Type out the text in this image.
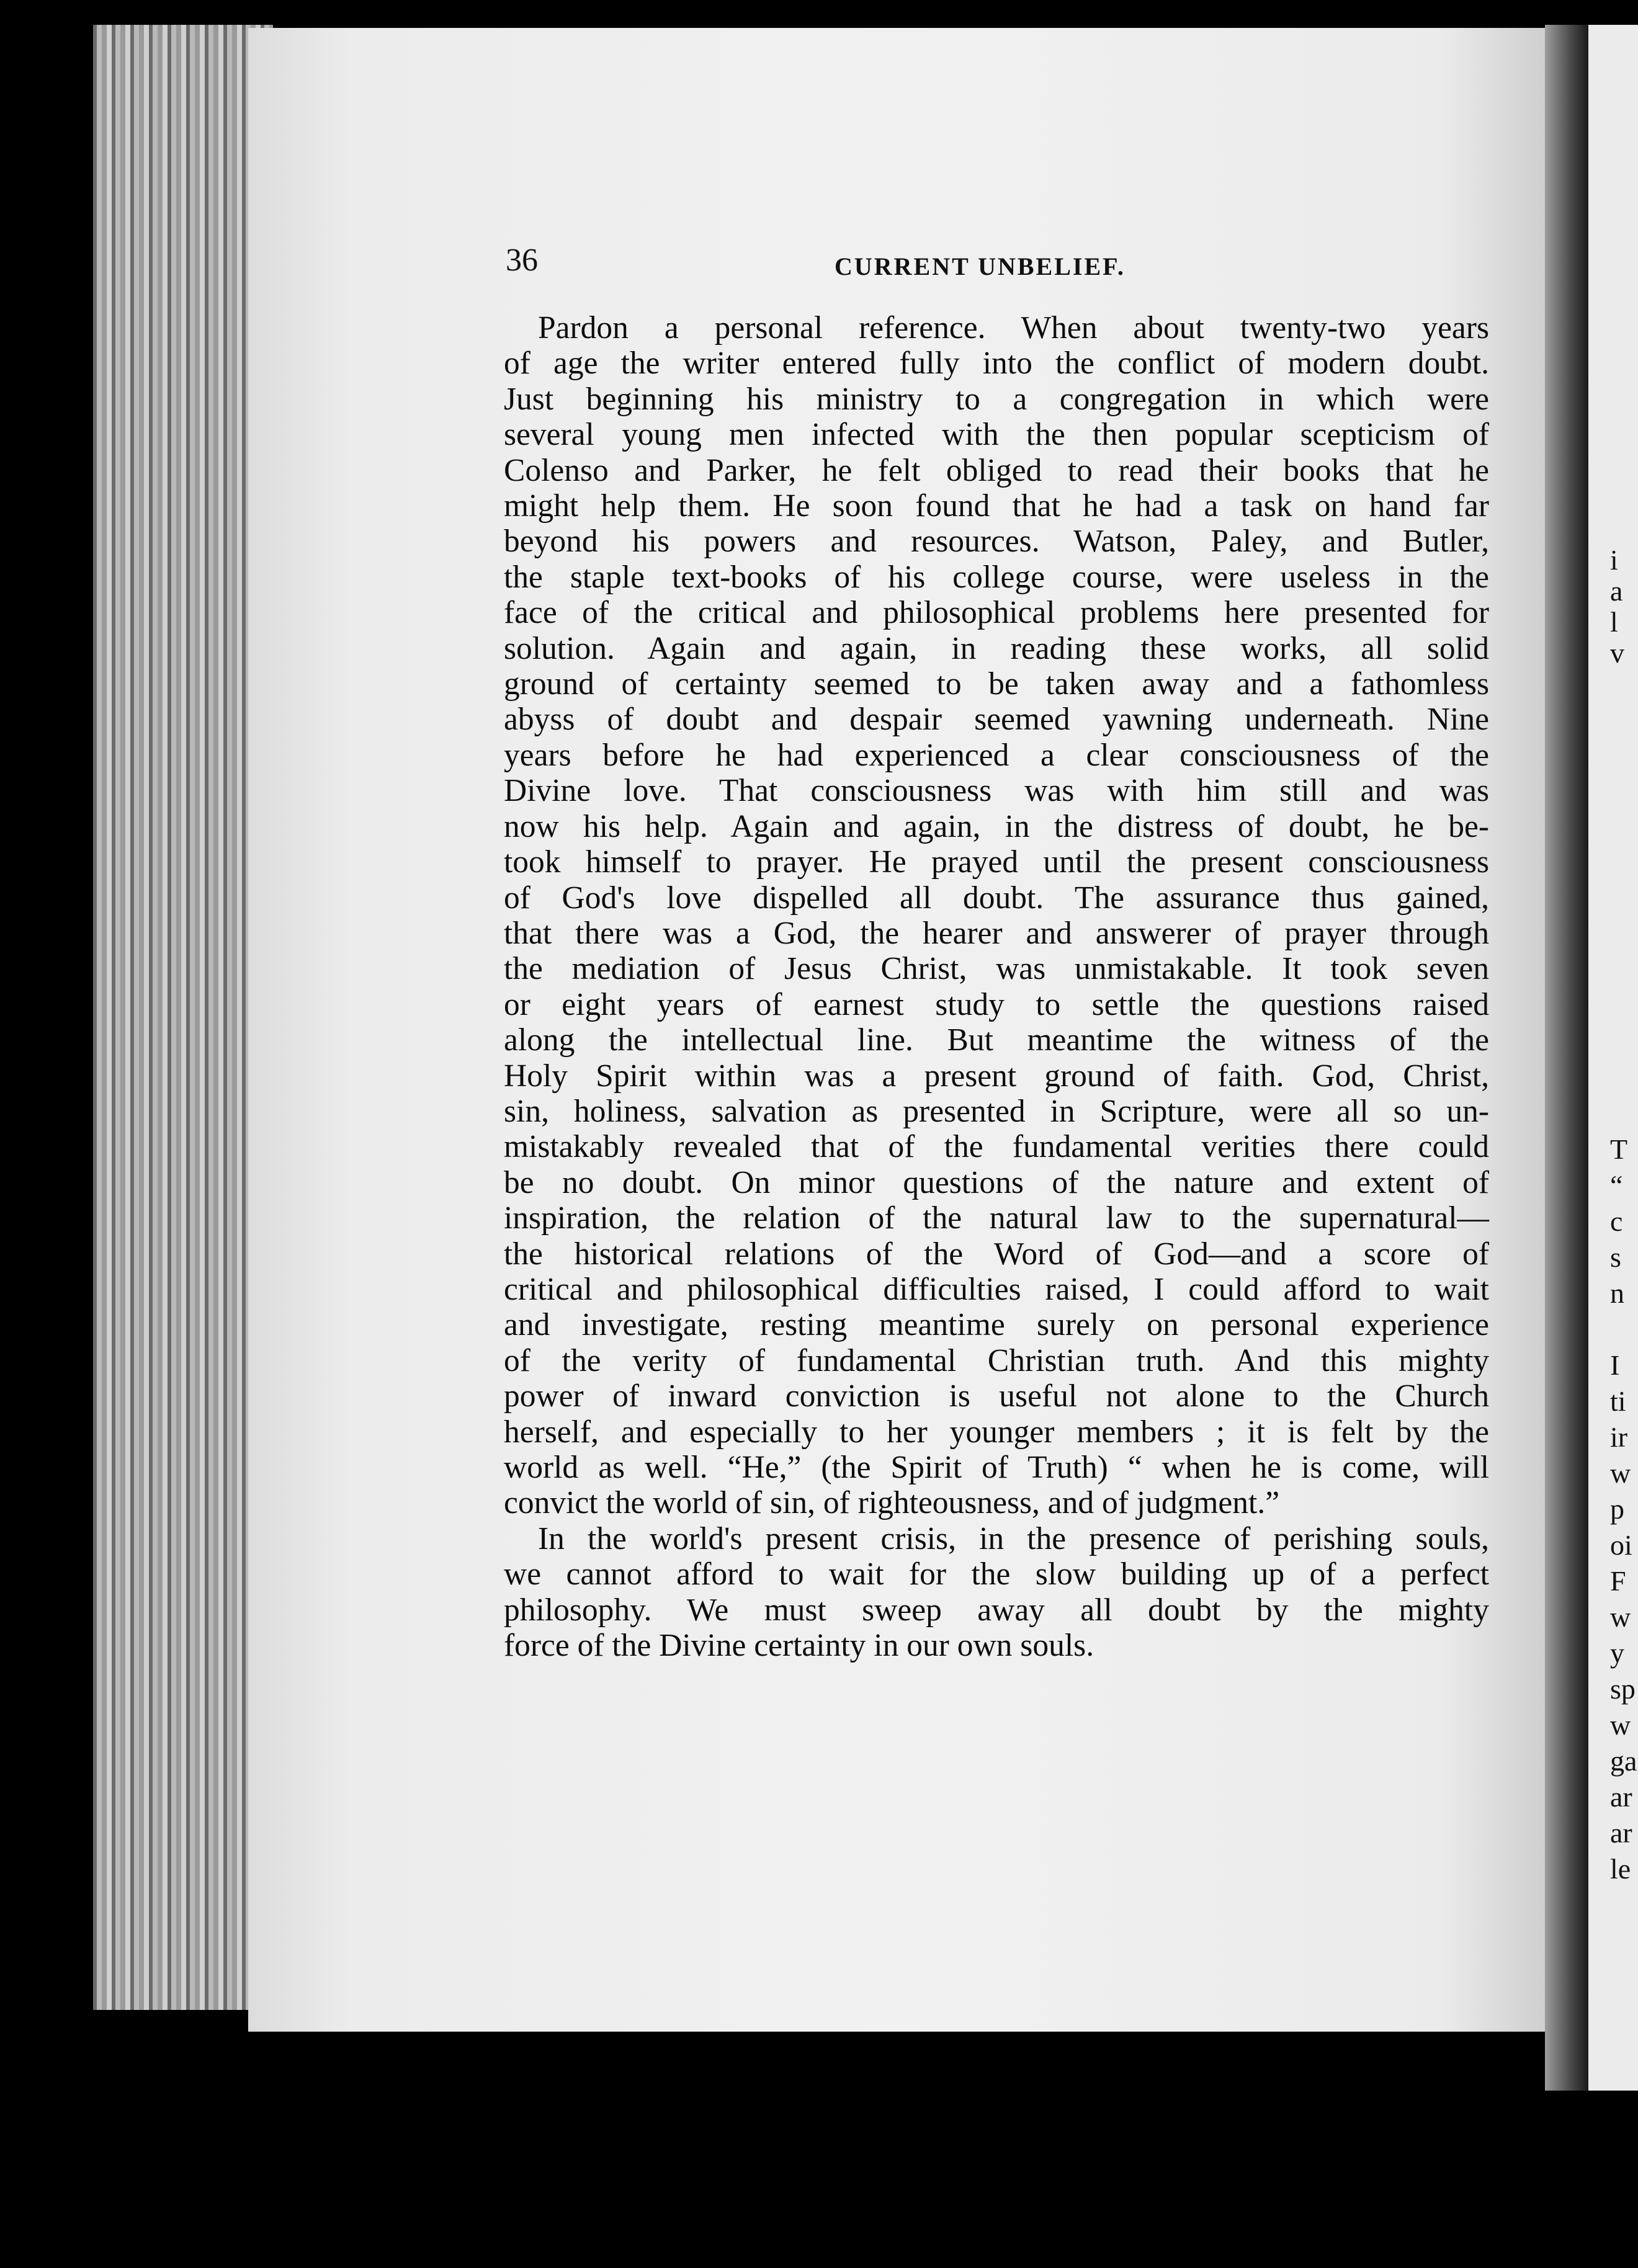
36	CURRENT UNBELIEF.

Pardon a personal reference. When about twenty-two years
of age the writer entered fully into the conflict of modern doubt.
Just beginning his ministry to a congregation in which were
several young men infected with the then popular scepticism of
Colenso and Parker, he felt obliged to read their books that he
might help them. He soon found that he had a task on hand far
beyond his powers and resources. Watson, Paley, and Butler,
the staple text-books of his college course, were useless in the
face of the critical and philosophical problems here presented for
solution. Again and again, in reading these works, all solid
ground of certainty seemed to be taken away and a fathomless
abyss of doubt and despair seemed yawning underneath. Nine
years before he had experienced a clear consciousness of the
Divine love. That consciousness was with him still and was
now his help. Again and again, in the distress of doubt, he be-
took himself to prayer. He prayed until the present consciousness
of God's love dispelled all doubt. The assurance thus gained,
that there was a God, the hearer and answerer of prayer through
the mediation of Jesus Christ, was unmistakable. It took seven
or eight years of earnest study to settle the questions raised
along the intellectual line. But meantime the witness of the
Holy Spirit within was a present ground of faith. God, Christ,
sin, holiness, salvation as presented in Scripture, were all so un-
mistakably revealed that of the fundamental verities there could
be no doubt. On minor questions of the nature and extent of
inspiration, the relation of the natural law to the supernatural—
the historical relations of the Word of God—and a score of
critical and philosophical difficulties raised, I could afford to wait
and investigate, resting meantime surely on personal experience
of the verity of fundamental Christian truth. And this mighty
power of inward conviction is useful not alone to the Church
herself, and especially to her younger members ; it is felt by the
world as well. “He,” (the Spirit of Truth) “ when he is come, will
convict the world of sin, of righteousness, and of judgment.”

In the world's present crisis, in the presence of perishing souls,
we cannot afford to wait for the slow building up of a perfect
philosophy. We must sweep away all doubt by the mighty
force of the Divine certainty in our own souls.

i
a
l
v
T
“
c
s
n
I
ti
ir
w
p
oi
F
w
y
sp
w
ga
ar
ar
le
